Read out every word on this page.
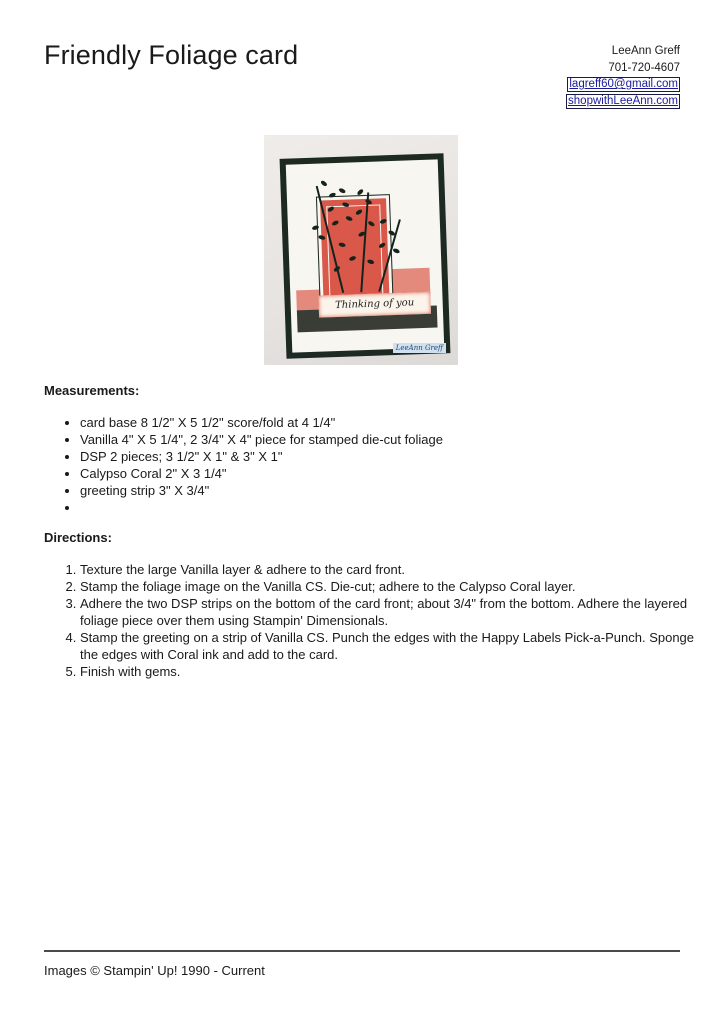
Friendly Foliage card	LeeAnn Greff
701-720-4607
lagreff60@gmail.com
shopwithLeeAnn.com
Thinking of you
LeeAnn Greff
Measurements:
• card base 8 1/2" X 5 1/2" score/fold at 4 1/4"
• Vanilla 4" X 5 1/4", 2 3/4" X 4" piece for stamped die-cut foliage
• DSP 2 pieces; 3 1/2" X 1" & 3" X 1"
• Calypso Coral 2" X 3 1/4"
• greeting strip 3" X 3/4"
•
Directions:
1. Texture the large Vanilla layer & adhere to the card front.
2. Stamp the foliage image on the Vanilla CS. Die-cut; adhere to the Calypso Coral layer.
3. Adhere the two DSP strips on the bottom of the card front; about 3/4" from the bottom. Adhere the layered foliage piece over them using Stampin' Dimensionals.
4. Stamp the greeting on a strip of Vanilla CS. Punch the edges with the Happy Labels Pick-a-Punch. Sponge the edges with Coral ink and add to the card.
5. Finish with gems.
Images © Stampin' Up! 1990 - Current
